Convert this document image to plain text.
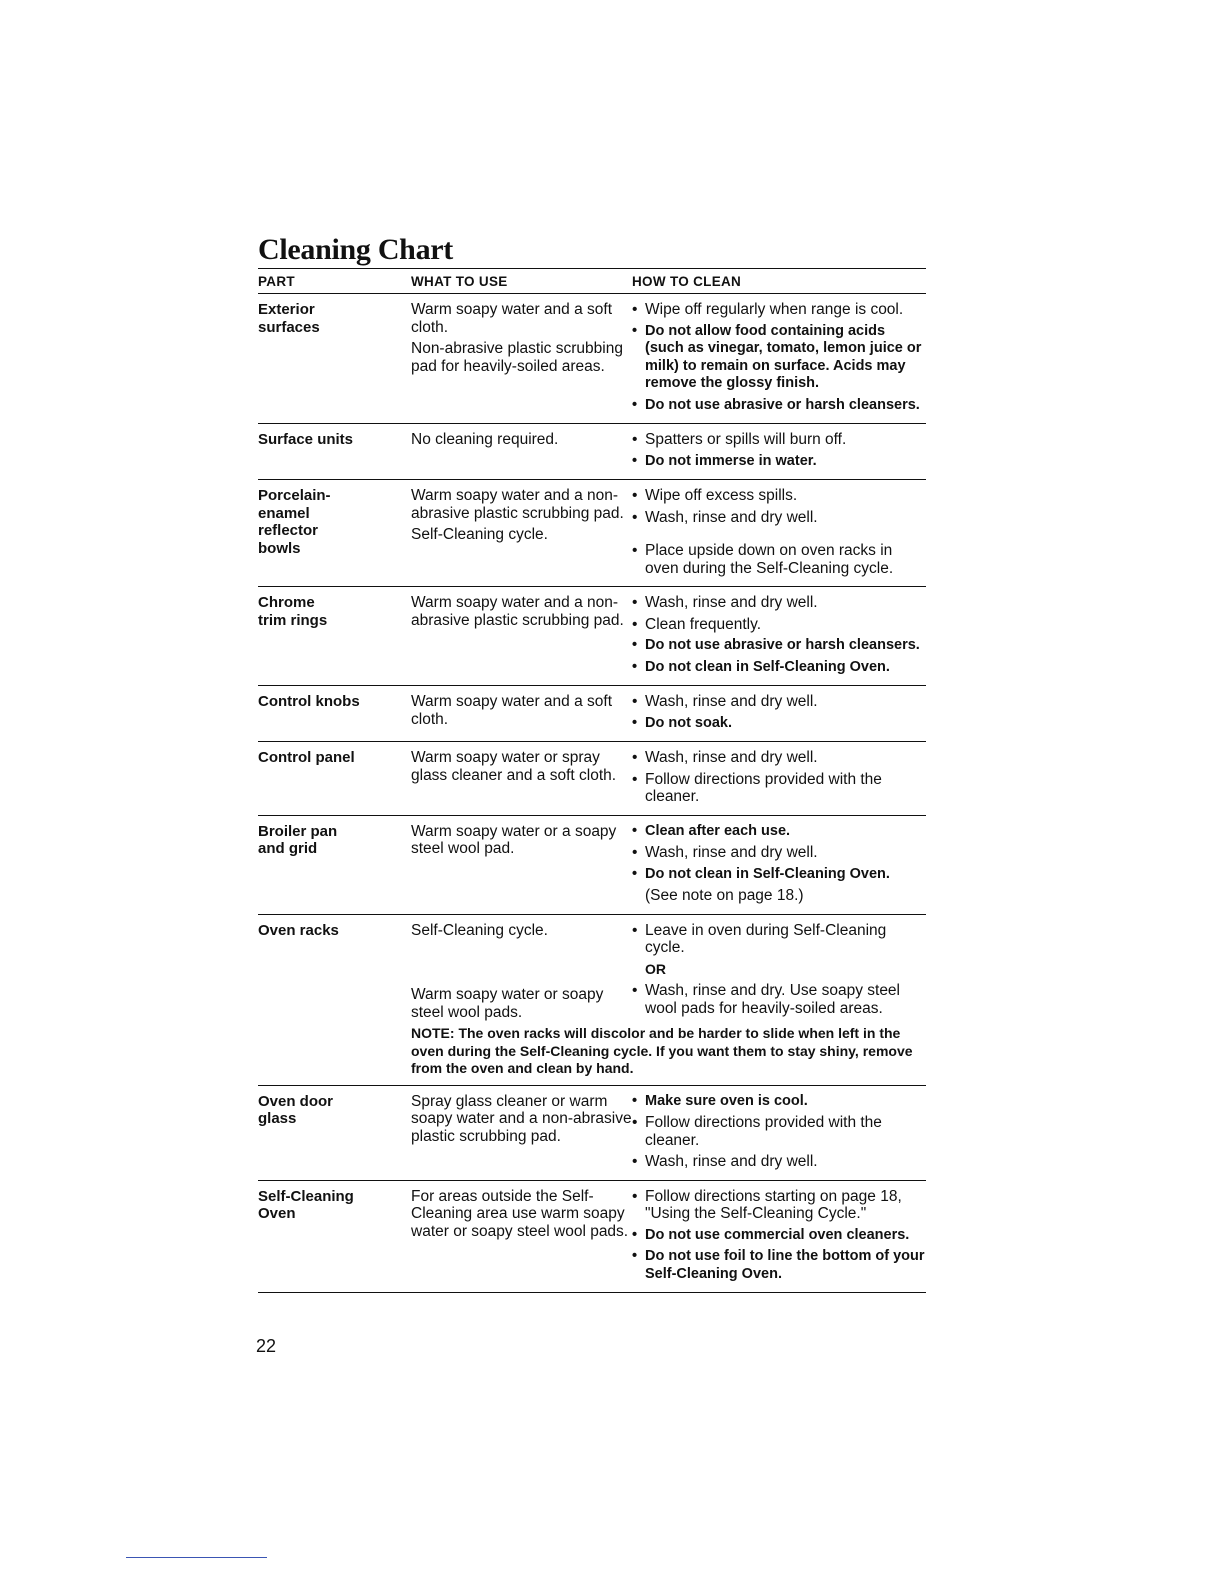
Cleaning Chart
PART	WHAT TO USE	HOW TO CLEAN
Exterior
surfaces

Warm soapy water and a soft cloth.

Non-abrasive plastic scrubbing pad for heavily-soiled areas.

• Wipe off regularly when range is cool.
• Do not allow food containing acids (such as vinegar, tomato, lemon juice or milk) to remain on surface. Acids may remove the glossy finish.
• Do not use abrasive or harsh cleansers.
Surface units	No cleaning required.

•	Spatters or spills will burn off.
• Do not immerse in water.
Porcelain-
enamel
reflector
bowls

Warm soapy water and a non-abrasive plastic scrubbing pad.

Self-Cleaning cycle.

• Wipe off excess spills.
• Wash, rinse and dry well.
• Place upside down on oven racks in oven during the Self-Cleaning cycle.
Chrome
trim rings

Warm soapy water and a non-abrasive plastic scrubbing pad.

• Wash, rinse and dry well.
• Clean frequently.
• Do not use abrasive or harsh cleansers.
• Do not clean in Self-Cleaning Oven.
Control knobs	Warm soapy water and a soft cloth.

• Wash, rinse and dry well.
• Do not soak.
Control panel	Warm soapy water or spray glass cleaner and a soft cloth.

• Wash, rinse and dry well.
• Follow directions provided with the cleaner.
Broiler pan
and grid

Warm soapy water or a soapy steel wool pad.

• Clean after each use.
• Wash, rinse and dry well.
• Do not clean in Self-Cleaning Oven.
(See note on page 18.)
Oven racks	Self-Cleaning cycle.

Warm soapy water or soapy steel wool pads.

• Leave in oven during Self-Cleaning cycle.
OR
• Wash, rinse and dry. Use soapy steel wool pads for heavily-soiled areas.
NOTE: The oven racks will discolor and be harder to slide when left in the oven during the Self-Cleaning cycle. If you want them to stay shiny, remove from the oven and clean by hand.
Oven door
glass

Spray glass cleaner or warm soapy water and a non-abrasive plastic scrubbing pad.

• Make sure oven is cool.
• Follow directions provided with the cleaner.
• Wash, rinse and dry well.
Self-Cleaning
Oven

For areas outside the Self-Cleaning area use warm soapy water or soapy steel wool pads.

• Follow directions starting on page 18, "Using the Self-Cleaning Cycle."
• Do not use commercial oven cleaners.
• Do not use foil to line the bottom of your Self-Cleaning Oven.
22
